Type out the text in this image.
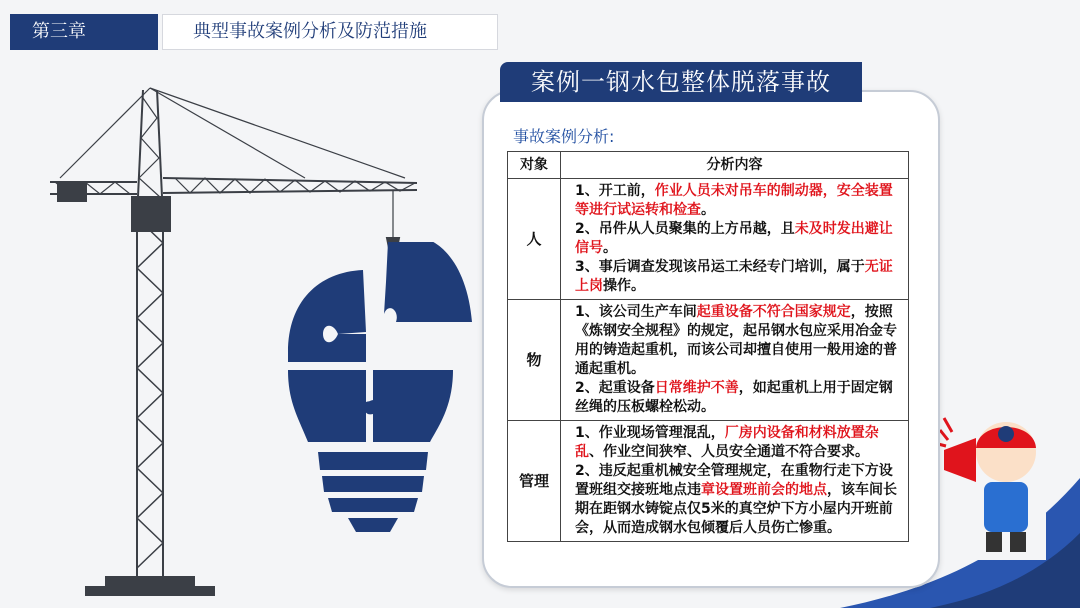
第三章	典型事故案例分析及防范措施
案例一钢水包整体脱落事故
事故案例分析:
对象	分析内容
人	1、开工前，作业人员未对吊车的制动器，安全装置等进行试运转和检查。
2、吊件从人员聚集的上方吊越，且未及时发出避让信号。
3、事后调查发现该吊运工未经专门培训，属于无证上岗操作。

物	1、该公司生产车间起重设备不符合国家规定，按照《炼钢安全规程》的规定，起吊钢水包应采用冶金专用的铸造起重机，而该公司却擅自使用一般用途的普通起重机。
2、起重设备日常维护不善，如起重机上用于固定钢丝绳的压板螺栓松动。

管理	1、作业现场管理混乱，厂房内设备和材料放置杂乱、作业空间狭窄、人员安全通道不符合要求。
2、违反起重机械安全管理规定，在重物行走下方设置班组交接班地点违章设置班前会的地点，该车间长期在距钢水铸锭点仅5米的真空炉下方小屋内开班前会，从而造成钢水包倾覆后人员伤亡惨重。
